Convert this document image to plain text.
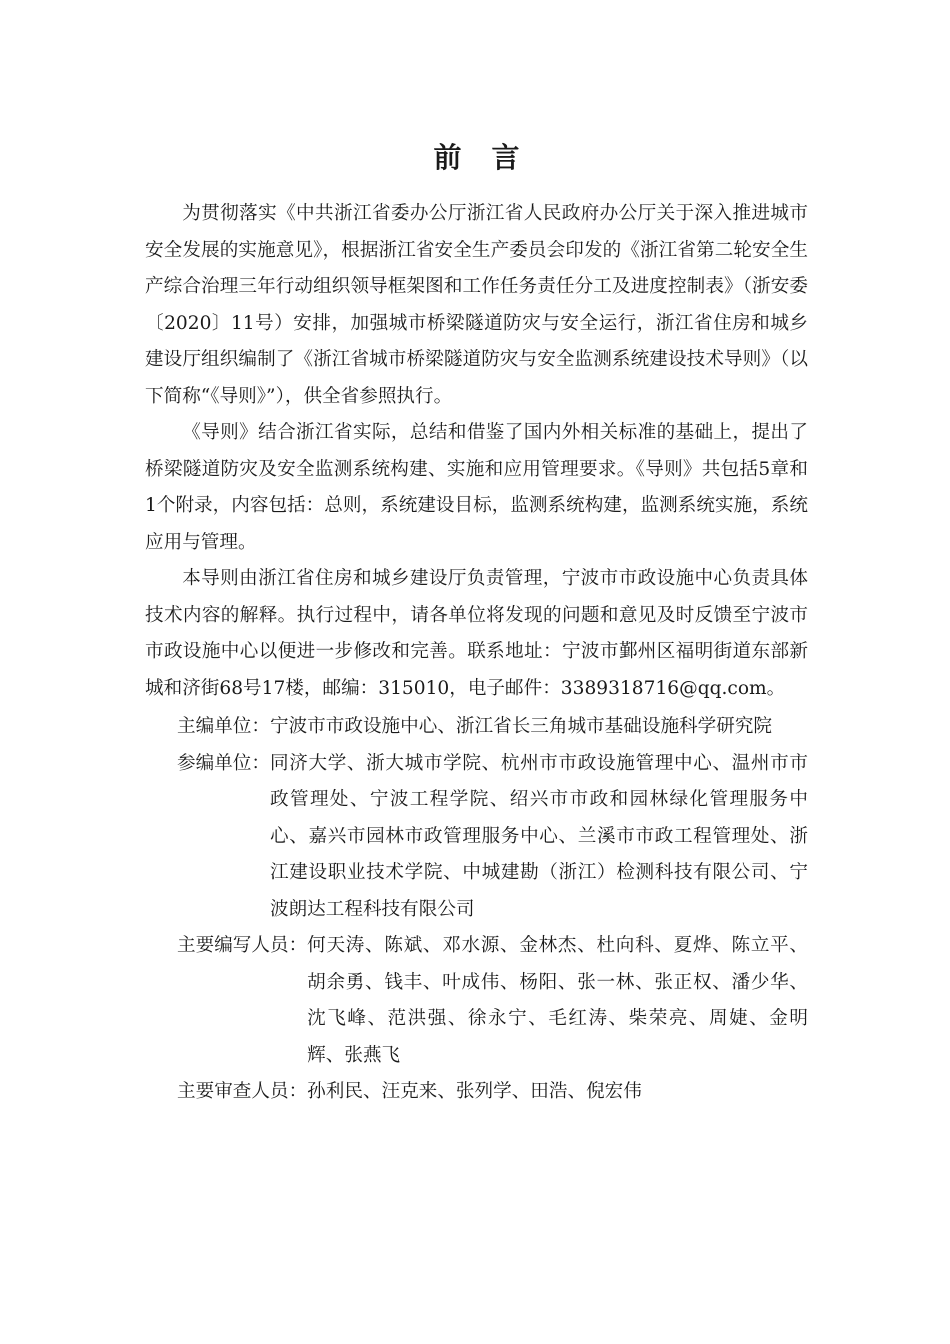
前言

为贯彻落实《中共浙江省委办公厅浙江省人民政府办公厅关于深入推进城市安全发展的实施意见》，根据浙江省安全生产委员会印发的《浙江省第二轮安全生产综合治理三年行动组织领导框架图和工作任务责任分工及进度控制表》（浙安委〔2020〕11号）安排，加强城市桥梁隧道防灾与安全运行，浙江省住房和城乡建设厅组织编制了《浙江省城市桥梁隧道防灾与安全监测系统建设技术导则》（以下简称“《导则》”），供全省参照执行。

《导则》结合浙江省实际，总结和借鉴了国内外相关标准的基础上，提出了桥梁隧道防灾及安全监测系统构建、实施和应用管理要求。《导则》共包括5章和1个附录，内容包括：总则，系统建设目标，监测系统构建，监测系统实施，系统应用与管理。

本导则由浙江省住房和城乡建设厅负责管理，宁波市市政设施中心负责具体技术内容的解释。执行过程中，请各单位将发现的问题和意见及时反馈至宁波市市政设施中心以便进一步修改和完善。联系地址：宁波市鄞州区福明街道东部新城和济街68号17楼，邮编：315010，电子邮件：3389318716@qq.com。

主编单位： 宁波市市政设施中心、浙江省长三角城市基础设施科学研究院
参编单位： 同济大学、浙大城市学院、杭州市市政设施管理中心、温州市市政管理处、宁波工程学院、绍兴市市政和园林绿化管理服务中心、嘉兴市园林市政管理服务中心、兰溪市市政工程管理处、浙江建设职业技术学院、中城建勘（浙江）检测科技有限公司、宁波朗达工程科技有限公司
主要编写人员： 何天涛、陈斌、邓水源、金林杰、杜向科、夏烨、陈立平、胡余勇、钱丰、叶成伟、杨阳、张一林、张正权、潘少华、沈飞峰、范洪强、徐永宁、毛红涛、柴荣亮、周婕、金明辉、张燕飞
主要审查人员： 孙利民、汪克来、张列学、田浩、倪宏伟
